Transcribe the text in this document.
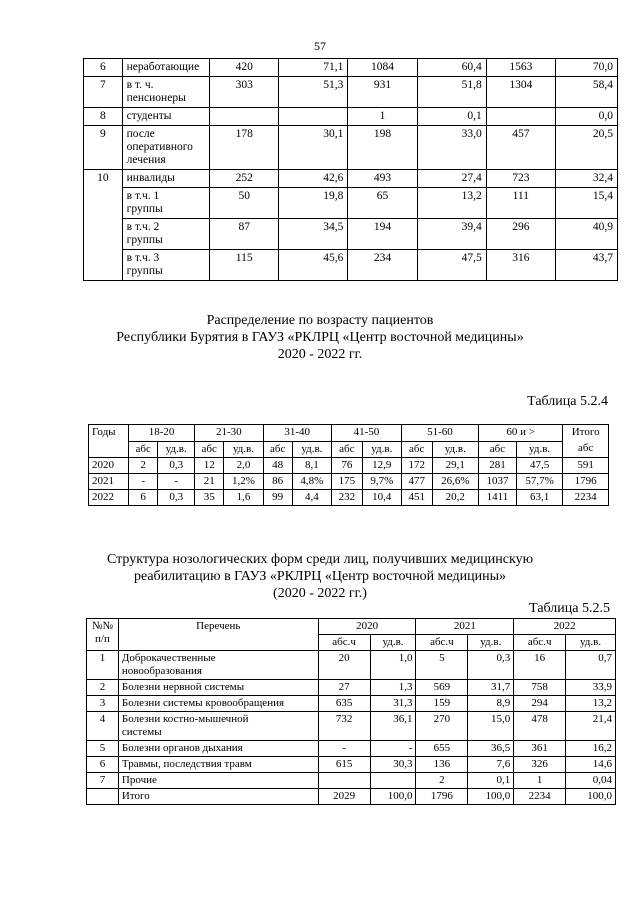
57
6	неработающие	420	71,1	1084	60,4	1563	70,0
7	в т. ч.
пенсионеры	303	51,3	931	51,8	1304	58,4
8	студенты			1	0,1		0,0
9	после
оперативного
лечения	178	30,1	198	33,0	457	20,5
10	инвалиды	252	42,6	493	27,4	723	32,4

	в т.ч. 1
группы	50	19,8	65	13,2	111	15,4

	в т.ч. 2
группы	87	34,5	194	39,4	296	40,9

	в т.ч. 3
группы	115	45,6	234	47,5	316	43,7
Распределение по возрасту пациентов
Республики Бурятия в ГАУЗ «РКЛРЦ «Центр восточной медицины»
2020 - 2022 гг.
Таблица 5.2.4
Годы	18-20		21-30		31-40		41-50		51-60		60 и >		Итого
	абс	уд.в.	абс	уд.в.	абс	уд.в.	абс	уд.в.	абс	уд.в.	абс	уд.в.	абс
2020	2	0,3	12	2,0	48	8,1	76	12,9	172	29,1	281	47,5	591
2021	-	-	21	1,2%	86	4,8%	175	9,7%	477	26,6%	1037	57,7%	1796
2022	6	0,3	35	1,6	99	4,4	232	10,4	451	20,2	1411	63,1	2234
Структура нозологических форм среди лиц, получивших медицинскую
реабилитацию в ГАУЗ «РКЛРЦ «Центр восточной медицины»
(2020 - 2022 гг.)
Таблица 5.2.5
№№
п/п	Перечень	2020		2021		2022	
		абс.ч	уд.в.	абс.ч	уд.в.	абс.ч	уд.в.
1	Доброкачественные
новообразования	20	1,0	5	0,3	16	0,7
2	Болезни нервной системы	27	1,3	569	31,7	758	33,9
3	Болезни системы кровообращения	635	31,3	159	8,9	294	13,2
4	Болезни костно-мышечной
системы	732	36,1	270	15,0	478	21,4
5	Болезни органов дыхания	-	-	655	36,5	361	16,2
6	Травмы, последствия травм	615	30,3	136	7,6	326	14,6
7	Прочие			2	0,1	1	0,04

	Итого	2029	100,0	1796	100,0	2234	100,0
